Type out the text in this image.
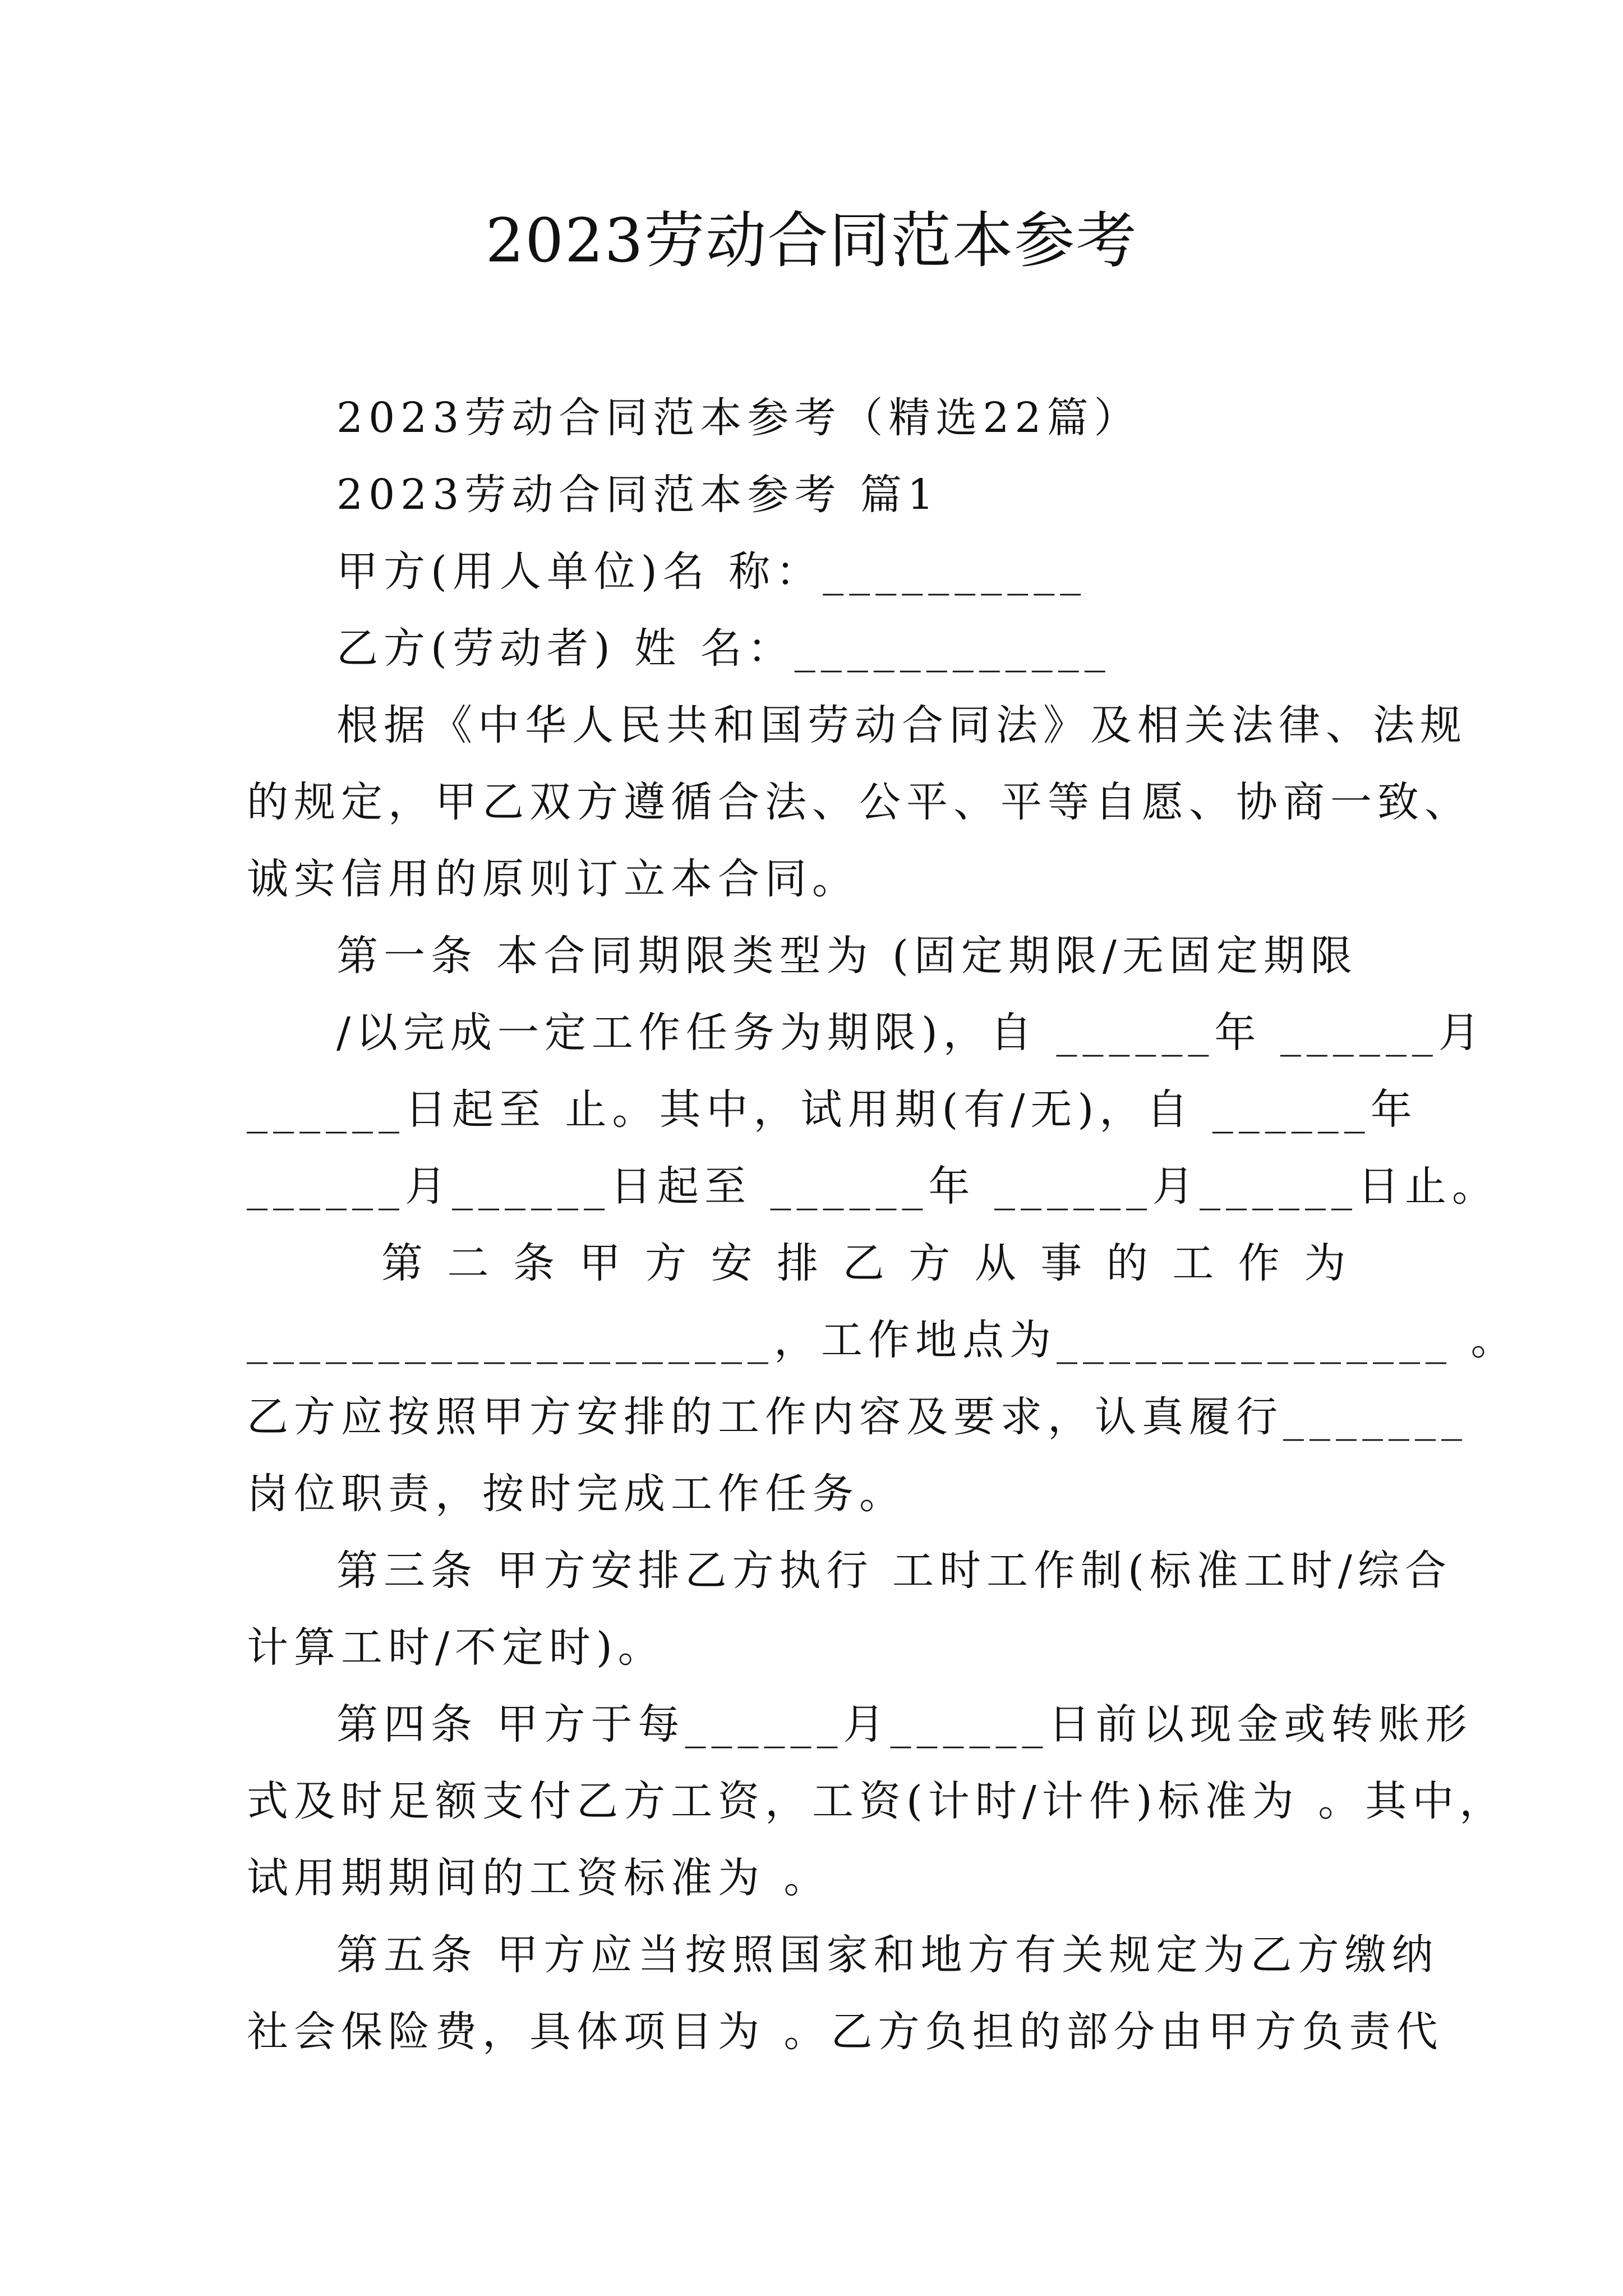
2023劳动合同范本参考
2023劳动合同范本参考（精选22篇）
2023劳动合同范本参考 篇1
甲方(用人单位)名 称：__________
乙方(劳动者) 姓 名：____________
根据《中华人民共和国劳动合同法》及相关法律、法规
的规定，甲乙双方遵循合法、公平、平等自愿、协商一致、
诚实信用的原则订立本合同。
第一条 本合同期限类型为 (固定期限/无固定期限
/以完成一定工作任务为期限)，自 ______年 ______月
______日起至 止。其中，试用期(有/无)，自 ______年
______月______日起至 ______年 ______月______日止。
第 二 条 甲 方 安 排 乙 方 从 事 的 工 作 为
____________________，工作地点为_______________ 。
乙方应按照甲方安排的工作内容及要求，认真履行_______
岗位职责，按时完成工作任务。
第三条 甲方安排乙方执行 工时工作制(标准工时/综合
计算工时/不定时)。
第四条 甲方于每______月______日前以现金或转账形
式及时足额支付乙方工资，工资(计时/计件)标准为 。其中，
试用期期间的工资标准为 。
第五条 甲方应当按照国家和地方有关规定为乙方缴纳
社会保险费，具体项目为 。乙方负担的部分由甲方负责代
